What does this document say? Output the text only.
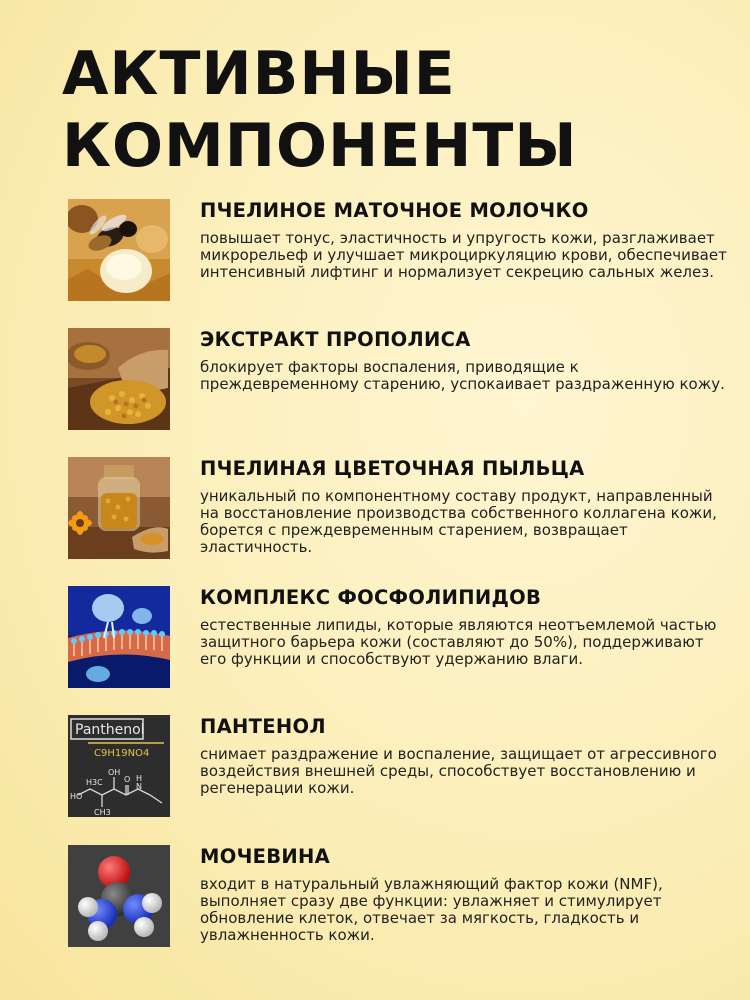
АКТИВНЫЕ
КОМПОНЕНТЫ
ПЧЕЛИНОЕ МАТОЧНОЕ МОЛОЧКО
повышает тонус, эластичность и упругость кожи, разглаживает микрорельеф и улучшает микроциркуляцию крови, обеспечивает интенсивный лифтинг и нормализует секрецию сальных желез.
ЭКСТРАКТ ПРОПОЛИСА
блокирует факторы воспаления, приводящие к преждевременному старению, успокаивает раздраженную кожу.
ПЧЕЛИНАЯ ЦВЕТОЧНАЯ ПЫЛЬЦА
уникальный по компонентному составу продукт, направленный на восстановление производства собственного коллагена кожи, борется с преждевременным старением, возвращает эластичность.
КОМПЛЕКС ФОСФОЛИПИДОВ
естественные липиды, которые являются неотъемлемой частью защитного барьера кожи (составляют до 50%), поддерживают его функции и способствуют удержанию влаги.
Panthenol
C9H19NO4
OH
H3C	H
N
HO
CH3
O
ПАНТЕНОЛ
снимает раздражение и воспаление, защищает от агрессивного воздействия внешней среды, способствует восстановлению и регенерации кожи.
МОЧЕВИНА
входит в натуральный увлажняющий фактор кожи (NMF), выполняет сразу две функции: увлажняет и стимулирует обновление клеток, отвечает за мягкость, гладкость и увлажненность кожи.
